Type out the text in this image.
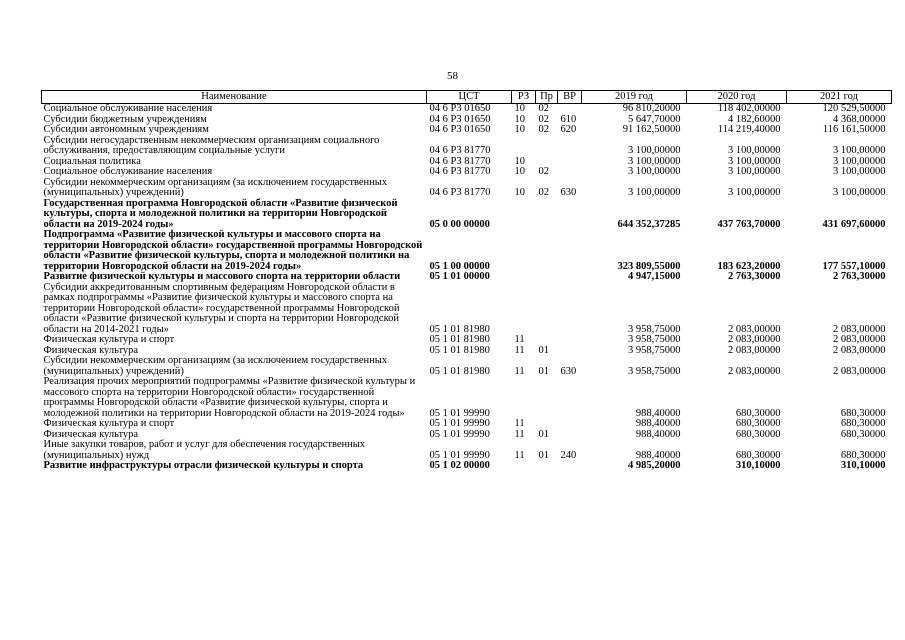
58
Наименование	ЦСТ	РЗ	Пр	ВР	2019 год	2020 год	2021 год
Социальное обслуживание населения	04 6 Р3 01650	10	02		96 810,20000	118 402,00000	120 529,50000
Субсидии бюджетным учреждениям	04 6 Р3 01650	10	02	610	5 647,70000	4 182,60000	4 368,00000
Субсидии автономным учреждениям	04 6 Р3 01650	10	02	620	91 162,50000	114 219,40000	116 161,50000
Субсидии негосударственным некоммерческим организациям социального обслуживания, предоставляющим социальные услуги	04 6 Р3 81770				3 100,00000	3 100,00000	3 100,00000
Социальная политика	04 6 Р3 81770	10			3 100,00000	3 100,00000	3 100,00000
Социальное обслуживание населения	04 6 Р3 81770	10	02		3 100,00000	3 100,00000	3 100,00000
Субсидии некоммерческим организациям (за исключением государственных (муниципальных) учреждений)	04 6 Р3 81770	10	02	630	3 100,00000	3 100,00000	3 100,00000
Государственная программа Новгородской области «Развитие физической культуры, спорта и молодежной политики на территории Новгородской области на 2019-2024 годы»	05 0 00 00000				644 352,37285	437 763,70000	431 697,60000
Подпрограмма «Развитие физической культуры и массового спорта на территории Новгородской области» государственной программы Новгородской области «Развитие физической культуры, спорта и молодежной политики на территории Новгородской области на 2019-2024 годы»	05 1 00 00000				323 809,55000	183 623,20000	177 557,10000
Развитие физической культуры и массового спорта на территории области	05 1 01 00000				4 947,15000	2 763,30000	2 763,30000
Субсидии аккредитованным спортивным федерациям Новгородской области в рамках подпрограммы «Развитие физической культуры и массового спорта на территории Новгородской области» государственной программы Новгородской области «Развитие физической культуры и спорта на территории Новгородской области на 2014-2021 годы»	05 1 01 81980				3 958,75000	2 083,00000	2 083,00000
Физическая культура и спорт	05 1 01 81980	11			3 958,75000	2 083,00000	2 083,00000
Физическая культура	05 1 01 81980	11	01		3 958,75000	2 083,00000	2 083,00000
Субсидии некоммерческим организациям (за исключением государственных (муниципальных) учреждений)	05 1 01 81980	11	01	630	3 958,75000	2 083,00000	2 083,00000
Реализация прочих мероприятий подпрограммы «Развитие физической культуры и массового спорта на территории Новгородской области» государственной программы Новгородской области «Развитие физической культуры, спорта и молодежной политики на территории Новгородской области на 2019-2024 годы»	05 1 01 99990				988,40000	680,30000	680,30000
Физическая культура и спорт	05 1 01 99990	11			988,40000	680,30000	680,30000
Физическая культура	05 1 01 99990	11	01		988,40000	680,30000	680,30000
Иные закупки товаров, работ и услуг для обеспечения государственных (муниципальных) нужд	05 1 01 99990	11	01	240	988,40000	680,30000	680,30000
Развитие инфраструктуры отрасли физической культуры и спорта	05 1 02 00000				4 985,20000	310,10000	310,10000
